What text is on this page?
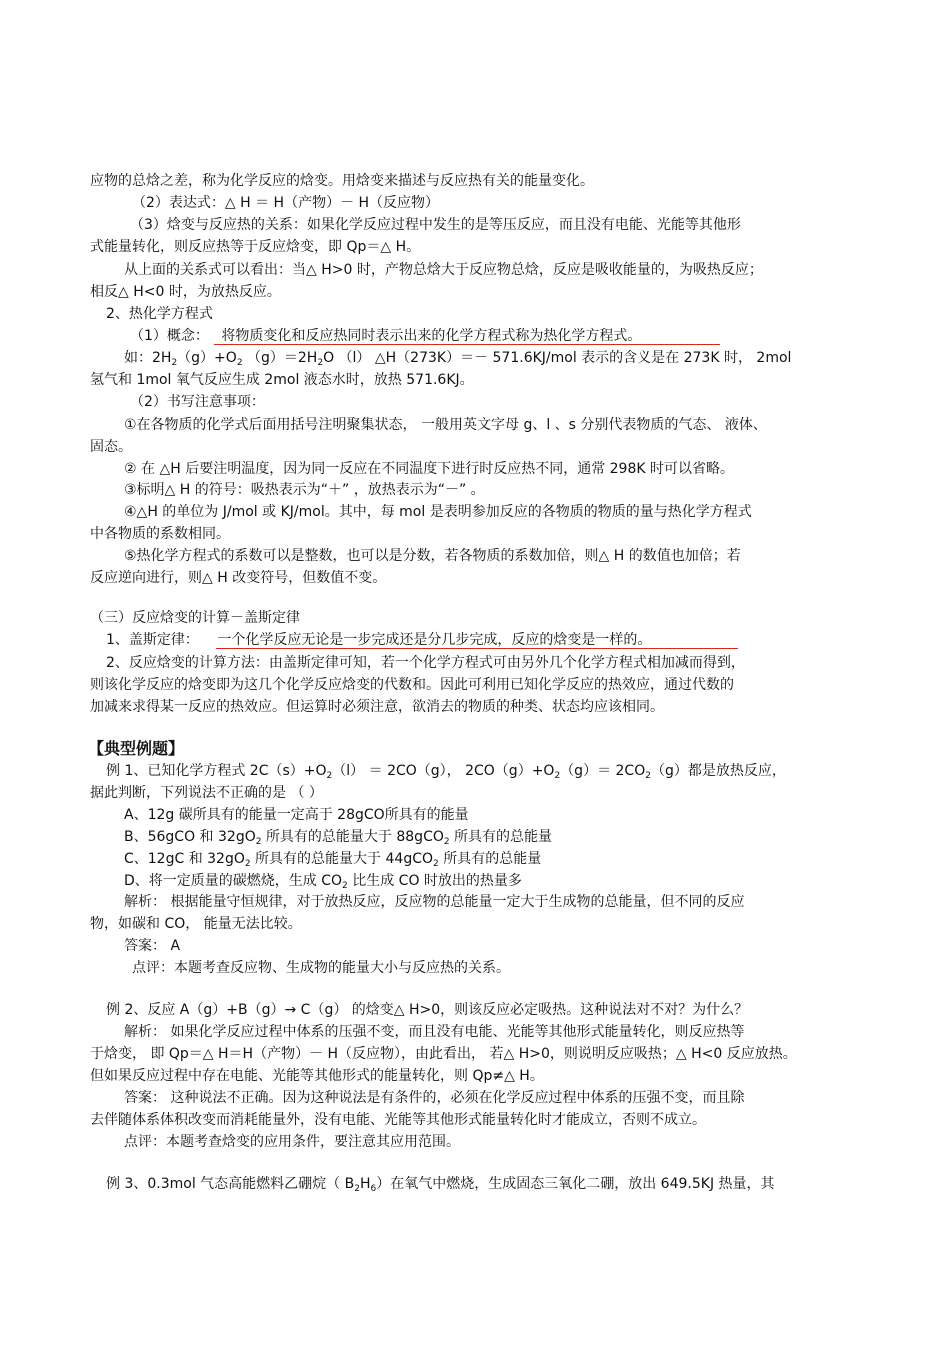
应物的总焓之差，称为化学反应的焓变。用焓变来描述与反应热有关的能量变化。
（2）表达式：△ H ＝ H（产物）－ H（反应物）
（3）焓变与反应热的关系：如果化学反应过程中发生的是等压反应，而且没有电能、光能等其他形
式能量转化，则反应热等于反应焓变，即 Qp＝△ H。
从上面的关系式可以看出：当△ H>0 时，产物总焓大于反应物总焓，反应是吸收能量的，为吸热反应；
相反△ H<0 时，为放热反应。
2、热化学方程式
（1）概念： 将物质变化和反应热同时表示出来的化学方程式称为热化学方程式。
如：$2H_2(g)+O_2$ $(g)=2H_2O$ （l） △H（273K）＝－ 571.6KJ/mol 表示的含义是在 273K 时， 2mol
氢气和 1mol 氧气反应生成 2mol 液态水时，放热 571.6KJ。
（2）书写注意事项：
①在各物质的化学式后面用括号注明聚集状态， 一般用英文字母 g、l 、s 分别代表物质的气态、 液体、
固态。
② 在 △H 后要注明温度，因为同一反应在不同温度下进行时反应热不同，通常 298K 时可以省略。
③标明△ H 的符号：吸热表示为“＋” ，放热表示为“－” 。
④△H 的单位为 J/mol 或 KJ/mol。其中，每 mol 是表明参加反应的各物质的物质的量与热化学方程式
中各物质的系数相同。
⑤热化学方程式的系数可以是整数，也可以是分数，若各物质的系数加倍，则△ H 的数值也加倍；若
反应逆向进行，则△ H 改变符号，但数值不变。
（三）反应焓变的计算－盖斯定律
1、盖斯定律： 一个化学反应无论是一步完成还是分几步完成，反应的焓变是一样的。
2、反应焓变的计算方法：由盖斯定律可知，若一个化学方程式可由另外几个化学方程式相加减而得到，
则该化学反应的焓变即为这几个化学反应焓变的代数和。因此可利用已知化学反应的热效应，通过代数的
加减来求得某一反应的热效应。但运算时必须注意，欲消去的物质的种类、状态均应该相同。
【典型例题】
例 1、已知化学方程式 $2C(s)+O_2(l) = 2CO(g)$， $2CO(g)+O_2(g)= 2CO_2(g)$都是放热反应，
据此判断，下列说法不正确的是 （ ）
A、12g 碳所具有的能量一定高于 28gCO所具有的能量
B、56gCO 和 $32gO_2$ 所具有的总能量大于 88gCO$_2$ 所具有的总能量
C、12gC 和 $32gO_2$ 所具有的总能量大于 44gCO$_2$ 所具有的总能量
D、将一定质量的碳燃烧，生成 $CO_2$ 比生成 CO 时放出的热量多
解析： 根据能量守恒规律，对于放热反应，反应物的总能量一定大于生成物的总能量，但不同的反应
物，如碳和 CO， 能量无法比较。
答案： A
点评：本题考查反应物、生成物的能量大小与反应热的关系。
例 2、反应 A（g）+B（g）→ C（g） 的焓变△ H>0，则该反应必定吸热。这种说法对不对？为什么？
解析： 如果化学反应过程中体系的压强不变，而且没有电能、光能等其他形式能量转化，则反应热等
于焓变， 即 Qp＝△ H＝H（产物）－ H（反应物），由此看出， 若△ H>0，则说明反应吸热；△ H<0 反应放热。
但如果反应过程中存在电能、光能等其他形式的能量转化，则 Qp≠△ H。
答案： 这种说法不正确。因为这种说法是有条件的，必须在化学反应过程中体系的压强不变，而且除
去伴随体系体积改变而消耗能量外，没有电能、光能等其他形式能量转化时才能成立，否则不成立。
点评：本题考查焓变的应用条件，要注意其应用范围。
例 3、0.3mol 气态高能燃料乙硼烷（ $B_2H_6$）在氧气中燃烧，生成固态三氧化二硼，放出 649.5KJ 热量，其
